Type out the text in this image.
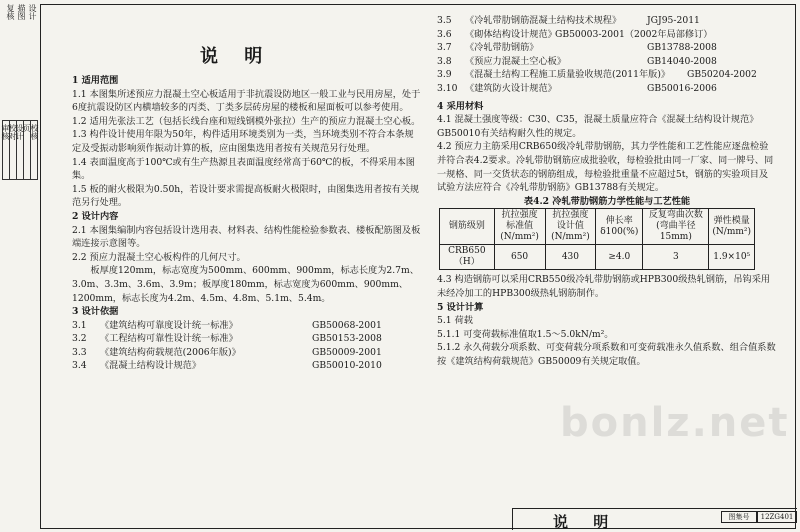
复核 描图 设计
审核
校对
设计
页 校核
说 明

1 适用范围

1.1 本图集所述预应力混凝土空心板适用于非抗震设防地区一般工业与民用房屋，处于6度抗震设防区内横墙较多的丙类、丁类多层砖房屋的楼板和屋面板可以参考使用。

1.2 适用先张法工艺（包括长线台座和短线钢模外张拉）生产的预应力混凝土空心板。

1.3 构件设计使用年限为50年，构件适用环境类别为一类，当环境类别不符合本条规定及受振动影响须作振动计算的板，应由图集选用者按有关规范另行处理。

1.4 表面温度高于100℃或有生产热源且表面温度经常高于60℃的板，不得采用本图集。

1.5 板的耐火极限为0.50h，若设计要求需提高板耐火极限时，由图集选用者按有关规范另行处理。

2 设计内容

2.1 本图集编制内容包括设计选用表、材料表、结构性能检验参数表、楼板配筋图及板端连接示意图等。

2.2 预应力混凝土空心板构件的几何尺寸。

板厚度120mm，标志宽度为500mm、600mm、900mm，标志长度为2.7m、3.0m、3.3m、3.6m、3.9m；板厚度180mm，标志宽度为600mm、900mm、1200mm，标志长度为4.2m、4.5m、4.8m、5.1m、5.4m。

3 设计依据

3.1	《建筑结构可靠度设计统一标准》	GB50068-2001
3.2	《工程结构可靠性设计统一标准》	GB50153-2008
3.3	《建筑结构荷载规范(2006年版)》	GB50009-2001
3.4	《混凝土结构设计规范》	GB50010-2010
3.5	《冷轧带肋钢筋混凝土结构技术规程》	JGJ95-2011
3.6	《砌体结构设计规范》
GB50003-2001（2002年局部修订）
3.7	《冷轧带肋钢筋》	GB13788-2008
3.8	《预应力混凝土空心板》	GB14040-2008
3.9	《混凝土结构工程施工质量验收规范(2011年版)》	GB50204-2002
3.10 《建筑防火设计规范》	GB50016-2006

4 采用材料

4.1 混凝土强度等级：C30、C35，混凝土质量应符合《混凝土结构设计规范》GB50010有关结构耐久性的规定。

4.2 预应力主筋采用CRB650级冷轧带肋钢筋，其力学性能和工艺性能应逐盘检验并符合表4.2要求。冷轧带肋钢筋应成批验收，每检验批由同一厂家、同一牌号、同一规格、同一交货状态的钢筋组成，每检验批重量不应超过5t，钢筋的实验项目及试验方法应符合《冷轧带肋钢筋》GB13788有关规定。

表4.2 冷轧带肋钢筋力学性能与工艺性能

钢筋级别	抗拉强度标准值(N/mm²)	抗拉强度设计值(N/mm²)	伸长率δ100(%)	反复弯曲次数(弯曲半径15mm)	弹性模量(N/mm²)
CRB650（H）	650	430	≥4.0	3	1.9×10⁵

4.3 构造钢筋可以采用CRB550级冷轧带肋钢筋或HPB300级热轧钢筋，吊钩采用未经冷加工的HPB300级热轧钢筋制作。

5 设计计算

5.1 荷载

5.1.1 可变荷载标准值取1.5～5.0kN/m²。

5.1.2 永久荷载分项系数、可变荷载分项系数和可变荷载准永久值系数、组合值系数按《建筑结构荷载规范》GB50009有关规定取值。

bonlz.net
说 明	图集号	12ZG401
